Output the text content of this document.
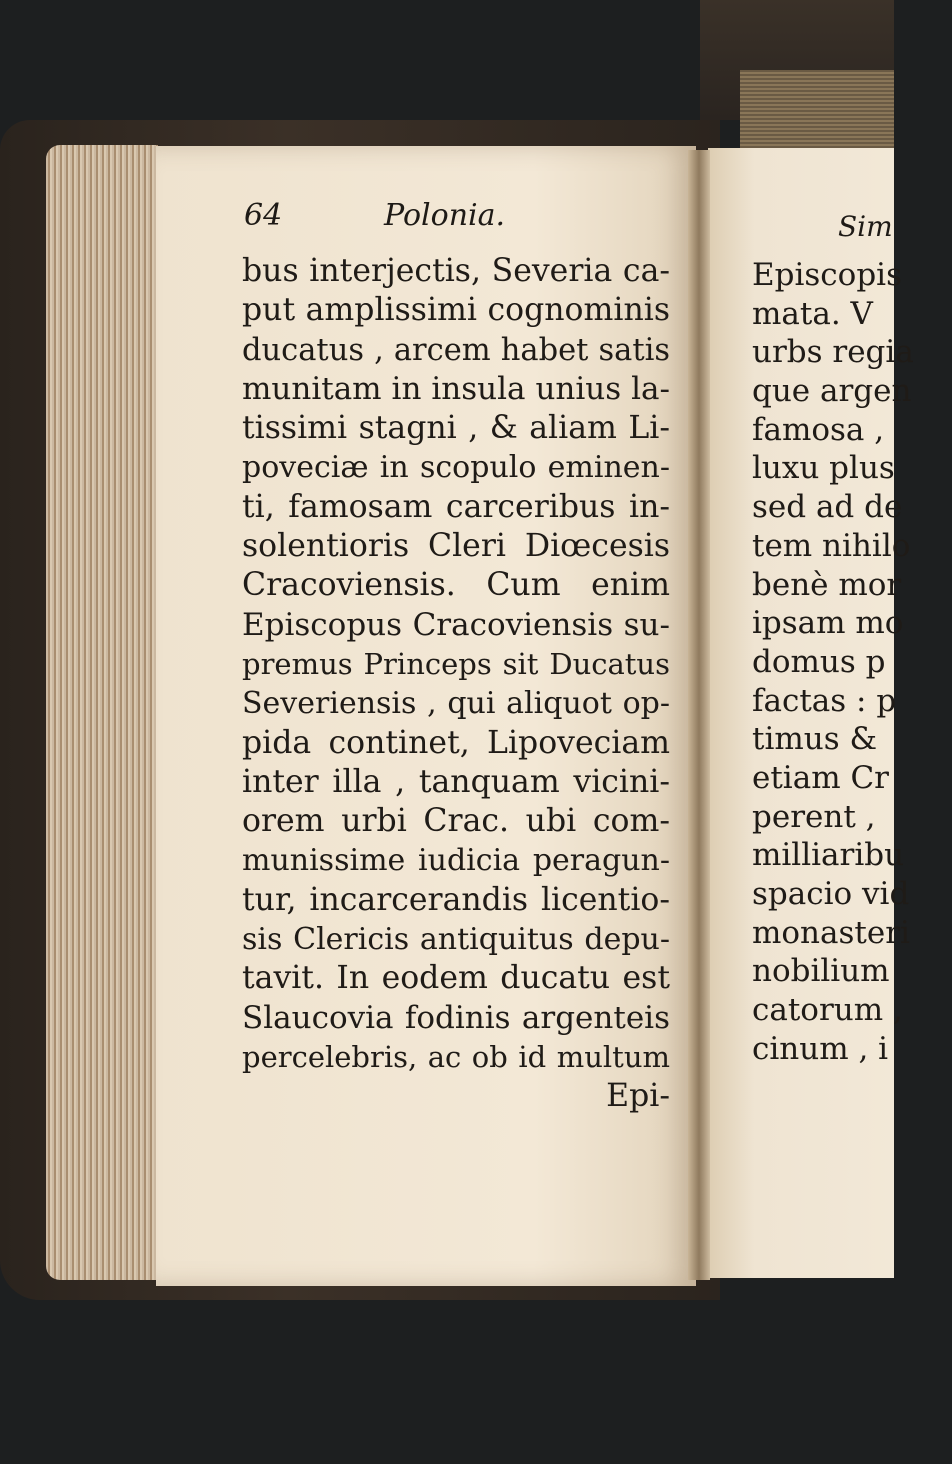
64	Polonia.
bus interjectis, Severia ca-
put amplissimi cognominis
ducatus , arcem habet satis
munitam in insula unius la-
tissimi stagni , & aliam Li-
poveciæ in scopulo eminen-
ti, famosam carceribus in-
solentioris Cleri Diœcesis
Cracoviensis. Cum enim
Episcopus Cracoviensis su-
premus Princeps sit Ducatus
Severiensis , qui aliquot op-
pida continet, Lipoveciam
inter illa , tanquam vicini-
orem urbi Crac. ubi com-
munissime iudicia peragun-
tur, incarcerandis licentio-
sis Clericis antiquitus depu-
tavit. In eodem ducatu est
Slaucovia fodinis argenteis
percelebris, ac ob id multum
Epi-
Sim
Episcopis
mata. V
urbs regia
que argen
famosa ,
luxu plus
sed ad de
tem nihilo
benè mor
ipsam mo
domus p
factas : p
timus &
etiam Cr
perent ,
milliaribu
spacio vid
monasteri
nobilium
catorum ,
cinum , i
